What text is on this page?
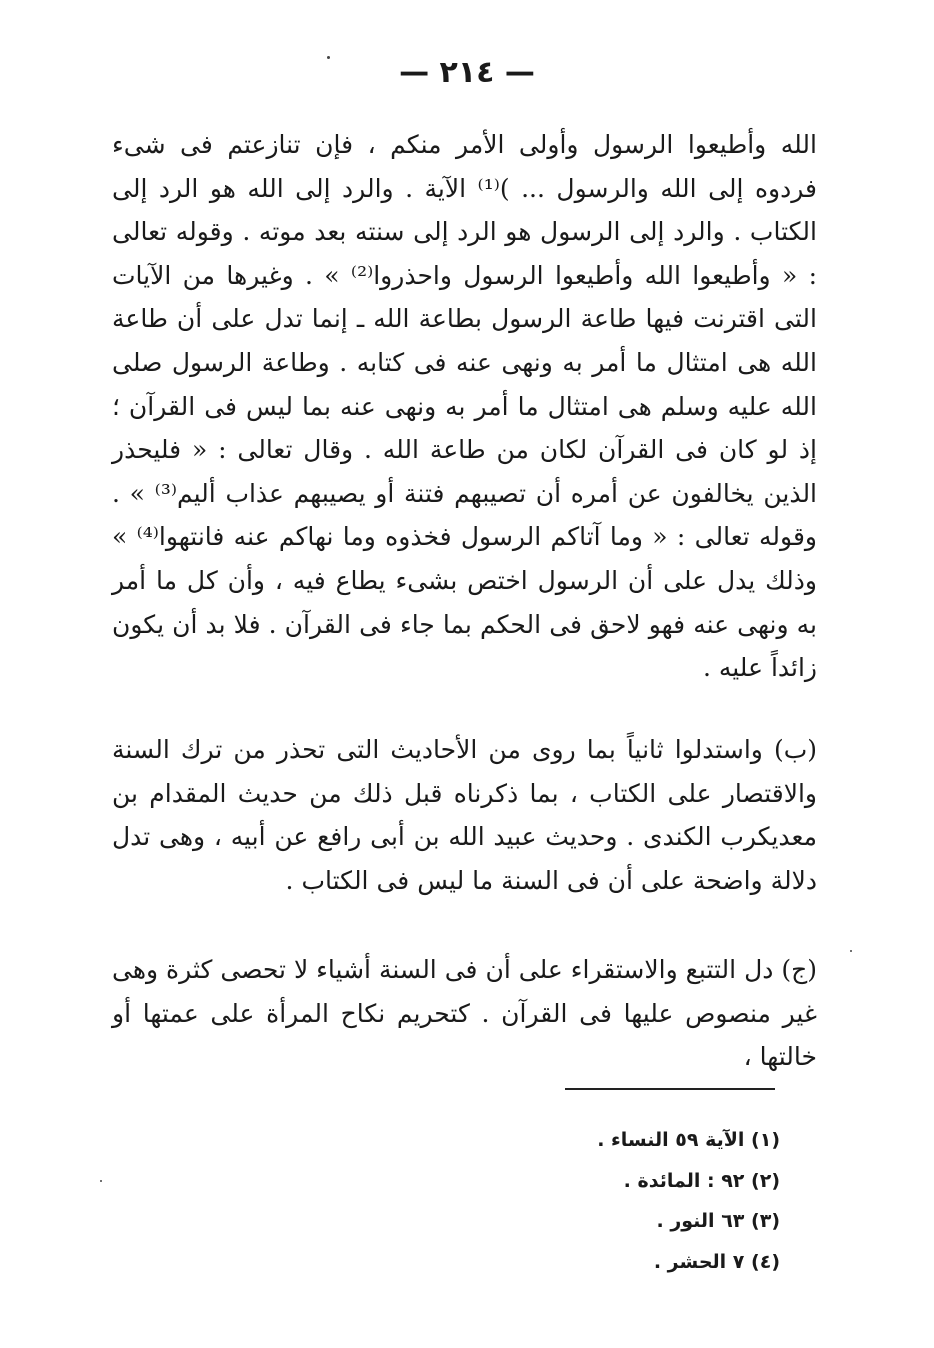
— ٢١٤ —

الله وأطيعوا الرسول وأولى الأمر منكم ، فإن تنازعتم فى شىء فردوه إلى الله والرسول ... )⁽¹⁾ الآية . والرد إلى الله هو الرد إلى الكتاب . والرد إلى الرسول هو الرد إلى سنته بعد موته . وقوله تعالى : « وأطيعوا الله وأطيعوا الرسول واحذروا⁽²⁾ » . وغيرها من الآيات التى اقترنت فيها طاعة الرسول بطاعة الله ـ إنما تدل على أن طاعة الله هى امتثال ما أمر به ونهى عنه فى كتابه . وطاعة الرسول صلى الله عليه وسلم هى امتثال ما أمر به ونهى عنه بما ليس فى القرآن ؛ إذ لو كان فى القرآن لكان من طاعة الله . وقال تعالى : « فليحذر الذين يخالفون عن أمره أن تصيبهم فتنة أو يصيبهم عذاب أليم⁽³⁾ » . وقوله تعالى : « وما آتاكم الرسول فخذوه وما نهاكم عنه فانتهوا⁽⁴⁾ » وذلك يدل على أن الرسول اختص بشىء يطاع فيه ، وأن كل ما أمر به ونهى عنه فهو لاحق فى الحكم بما جاء فى القرآن . فلا بد أن يكون زائداً عليه .

(ب) واستدلوا ثانياً بما روى من الأحاديث التى تحذر من ترك السنة والاقتصار على الكتاب ، بما ذكرناه قبل ذلك من حديث المقدام بن معديكرب الكندى . وحديث عبيد الله بن أبى رافع عن أبيه ، وهى تدل دلالة واضحة على أن فى السنة ما ليس فى الكتاب .

(ج) دل التتبع والاستقراء على أن فى السنة أشياء لا تحصى كثرة وهى غير منصوص عليها فى القرآن . كتحريم نكاح المرأة على عمتها أو خالتها ،

(١) الآية ٥٩ النساء .
(٢) ٩٢ : المائدة .
(٣) ٦٣ النور .
(٤) ٧ الحشر .
